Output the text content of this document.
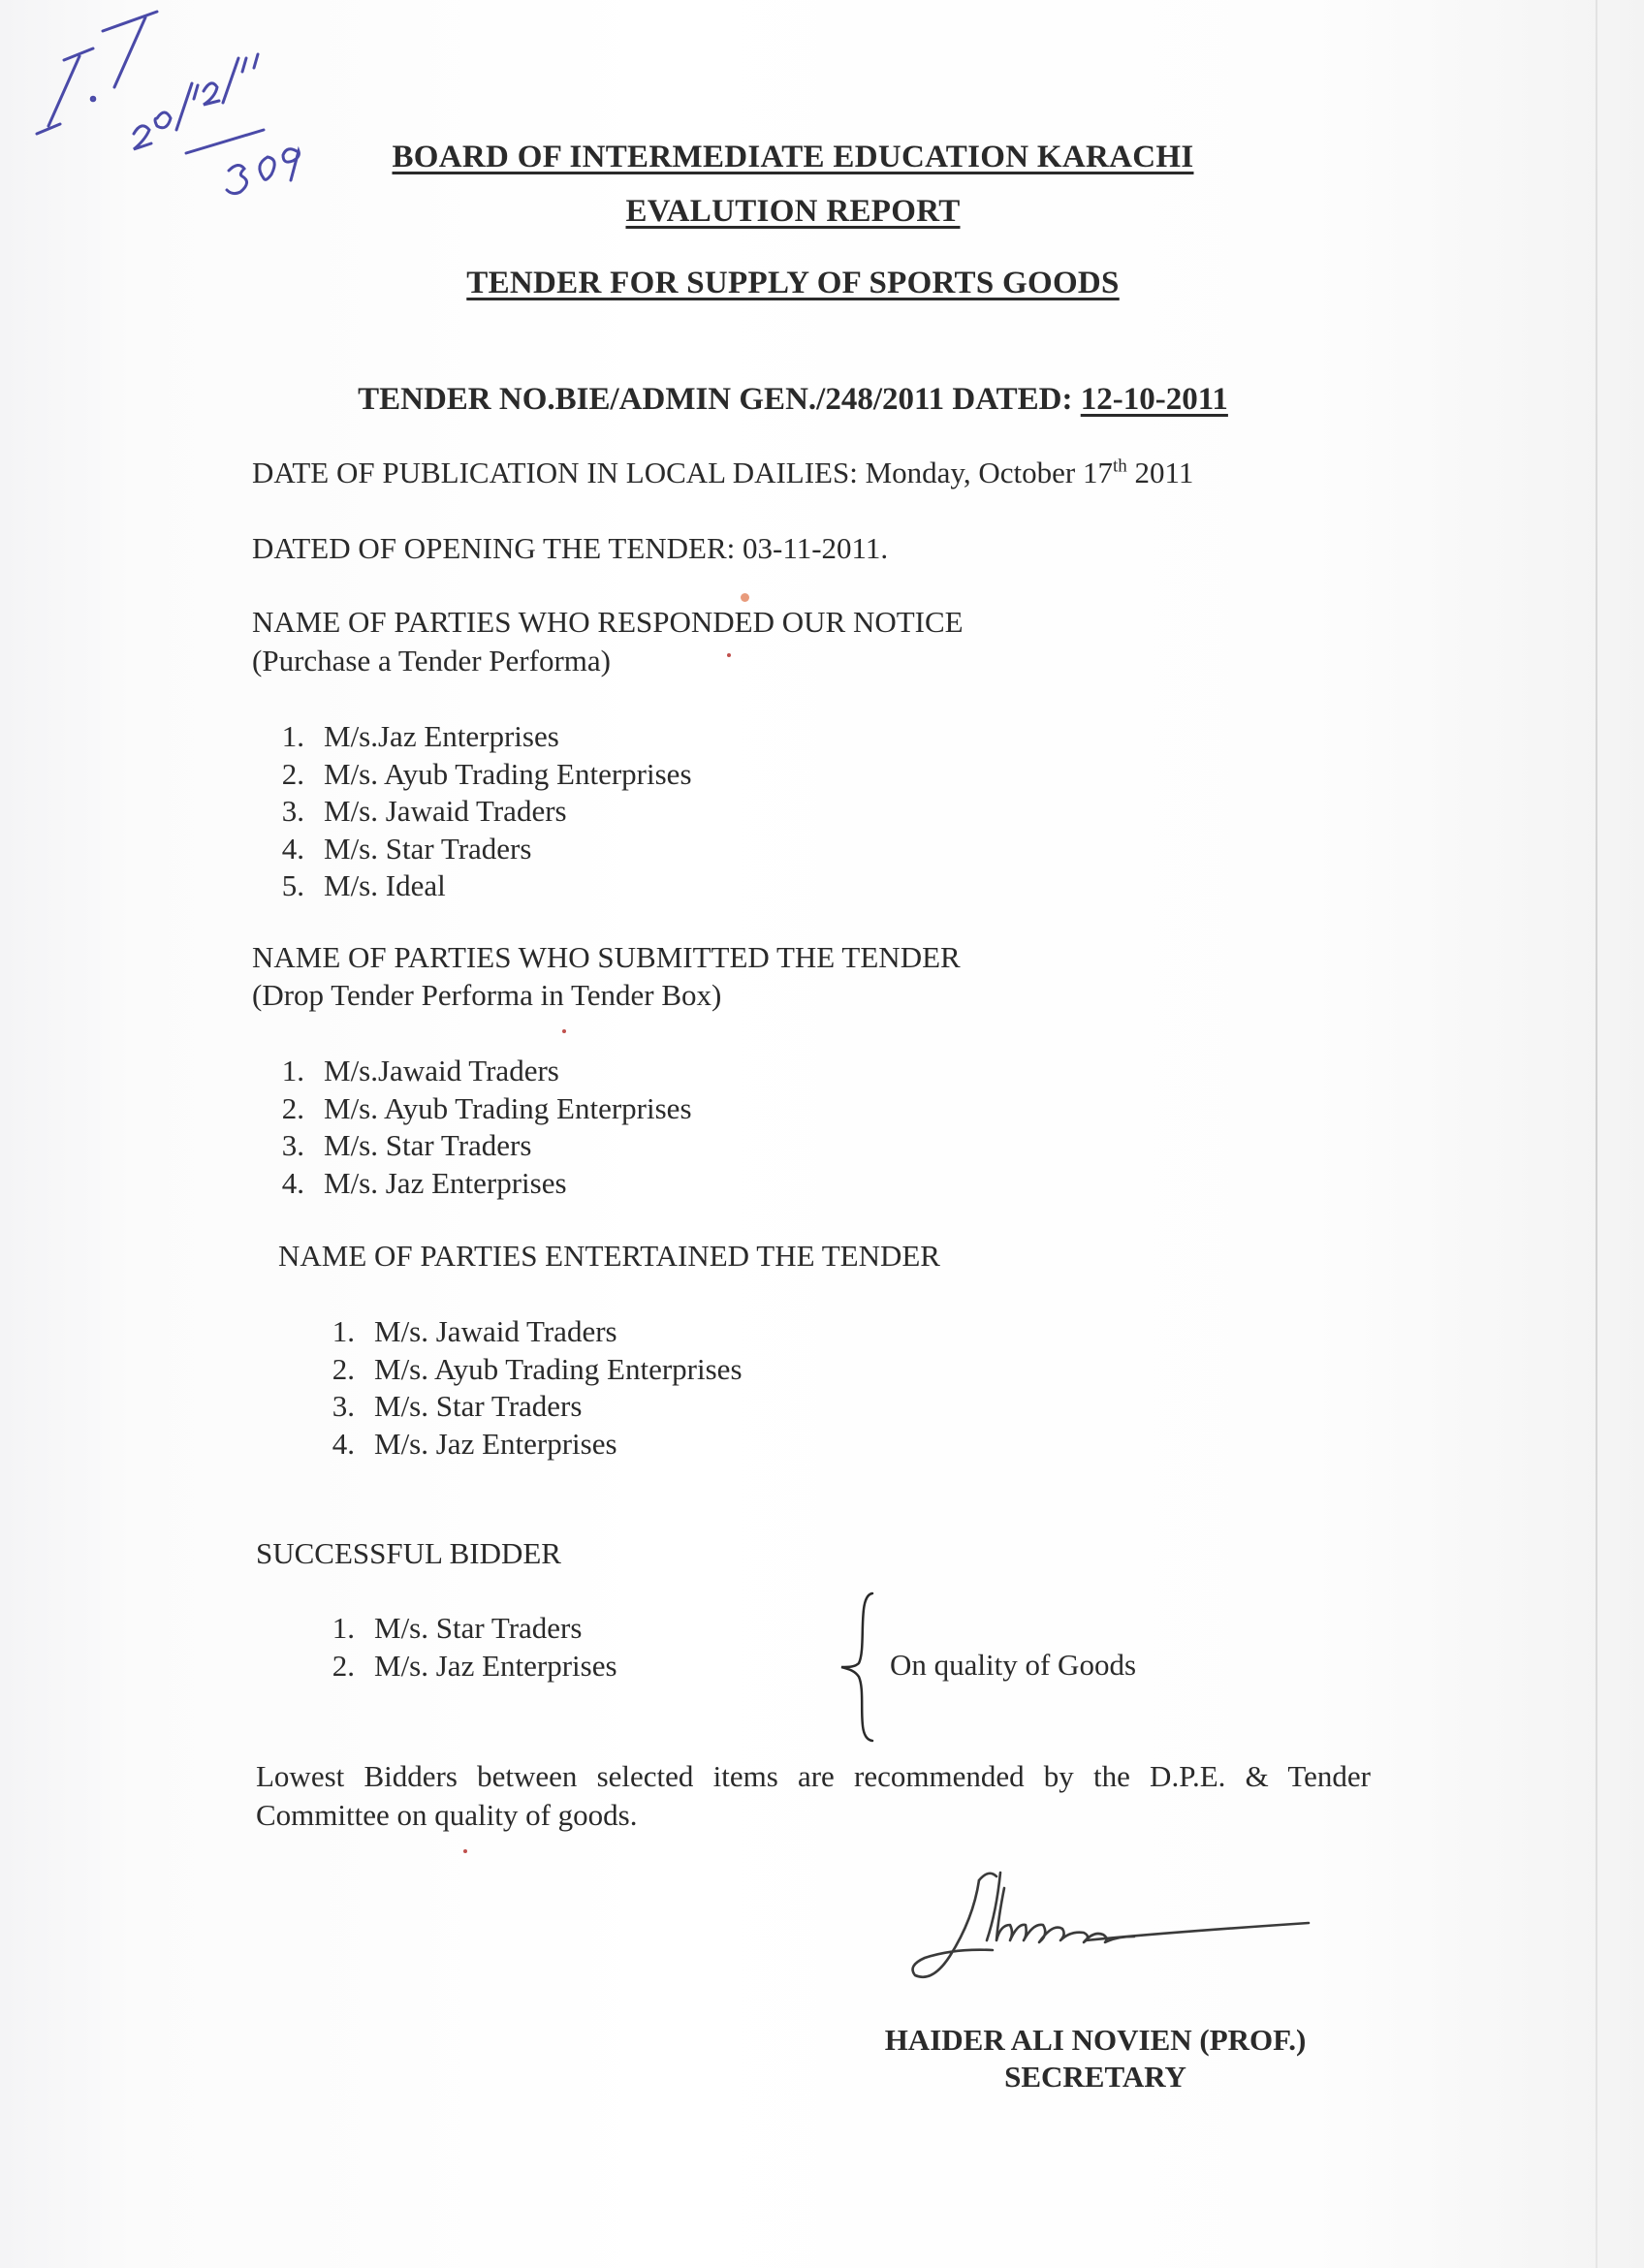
BOARD OF INTERMEDIATE EDUCATION KARACHI
EVALUTION REPORT
TENDER FOR SUPPLY OF SPORTS GOODS
TENDER NO.BIE/ADMIN GEN./248/2011 DATED: 12-10-2011
DATE OF PUBLICATION IN LOCAL DAILIES: Monday, October 17th 2011
DATED OF OPENING THE TENDER: 03-11-2011.
NAME OF PARTIES WHO RESPONDED OUR NOTICE
(Purchase a Tender Performa)
1. M/s.Jaz Enterprises
2. M/s. Ayub Trading Enterprises
3. M/s. Jawaid Traders
4. M/s. Star Traders
5. M/s. Ideal
NAME OF PARTIES WHO SUBMITTED THE TENDER
(Drop Tender Performa in Tender Box)
1. M/s.Jawaid Traders
2. M/s. Ayub Trading Enterprises
3. M/s. Star Traders
4. M/s. Jaz Enterprises
NAME OF PARTIES ENTERTAINED THE TENDER
1. M/s. Jawaid Traders
2. M/s. Ayub Trading Enterprises
3. M/s. Star Traders
4. M/s. Jaz Enterprises
SUCCESSFUL BIDDER
1. M/s. Star Traders
2. M/s. Jaz Enterprises	On quality of Goods
Lowest Bidders between selected items are recommended by the D.P.E. & Tender Committee on quality of goods.
HAIDER ALI NOVIEN (PROF.)
SECRETARY
